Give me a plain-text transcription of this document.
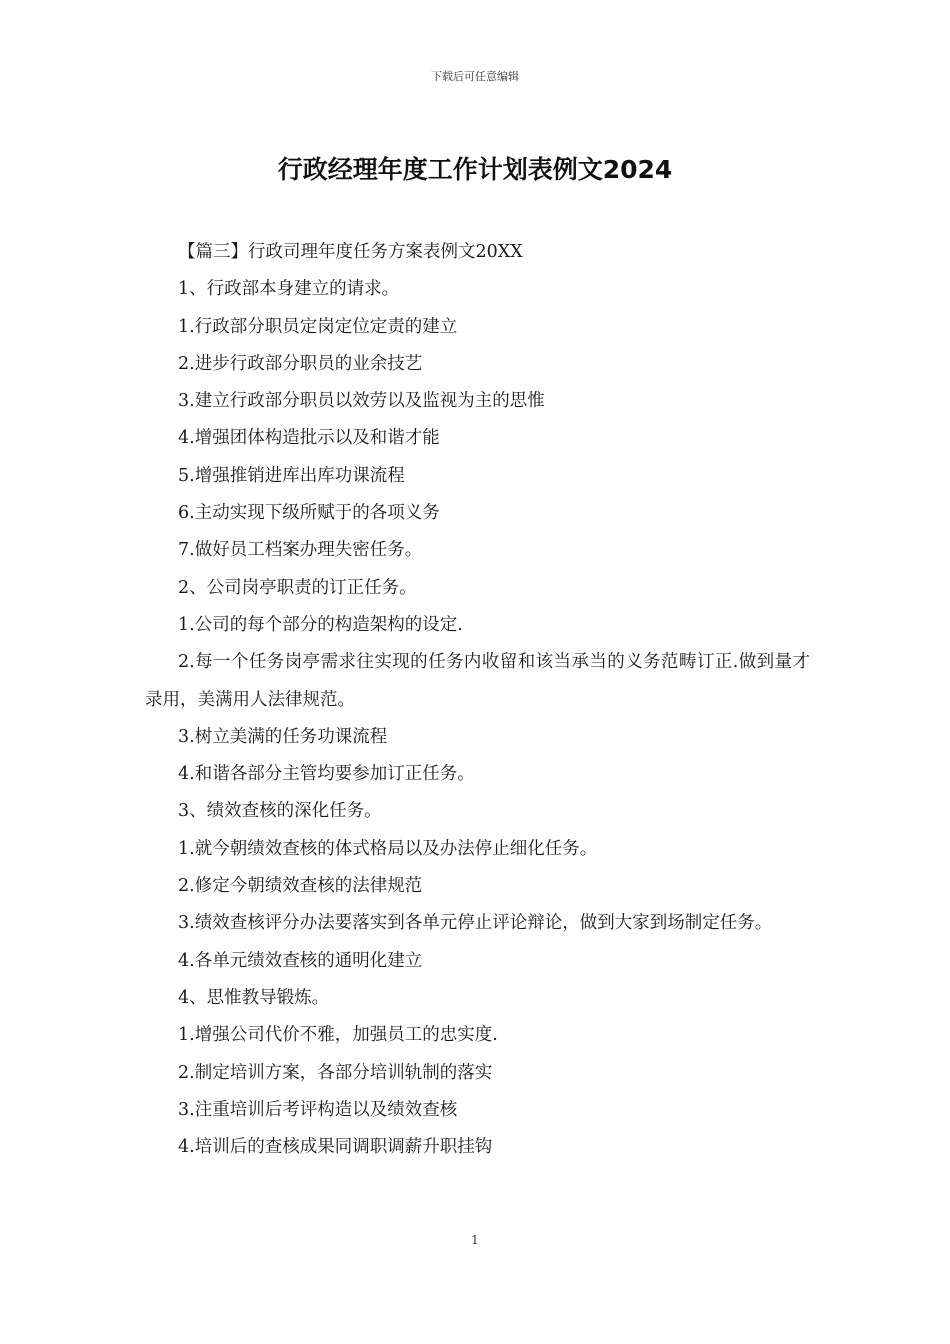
下载后可任意编辑
行政经理年度工作计划表例文2024

【篇三】行政司理年度任务方案表例文20XX

1、行政部本身建立的请求。

1.行政部分职员定岗定位定责的建立

2.进步行政部分职员的业余技艺

3.建立行政部分职员以效劳以及监视为主的思惟

4.增强团体构造批示以及和谐才能

5.增强推销进库出库功课流程

6.主动实现下级所赋于的各项义务

7.做好员工档案办理失密任务。

2、公司岗亭职责的订正任务。

1.公司的每个部分的构造架构的设定.

2.每一个任务岗亭需求往实现的任务内收留和该当承当的义务范畴订正.做到量才录用，美满用人法律规范。

3.树立美满的任务功课流程

4.和谐各部分主管均要参加订正任务。

3、绩效查核的深化任务。

1.就今朝绩效查核的体式格局以及办法停止细化任务。

2.修定今朝绩效查核的法律规范

3.绩效查核评分办法要落实到各单元停止评论辩论，做到大家到场制定任务。

4.各单元绩效查核的通明化建立

4、思惟教导锻炼。

1.增强公司代价不雅，加强员工的忠实度.

2.制定培训方案，各部分培训轨制的落实

3.注重培训后考评构造以及绩效查核

4.培训后的查核成果同调职调薪升职挂钩

1
